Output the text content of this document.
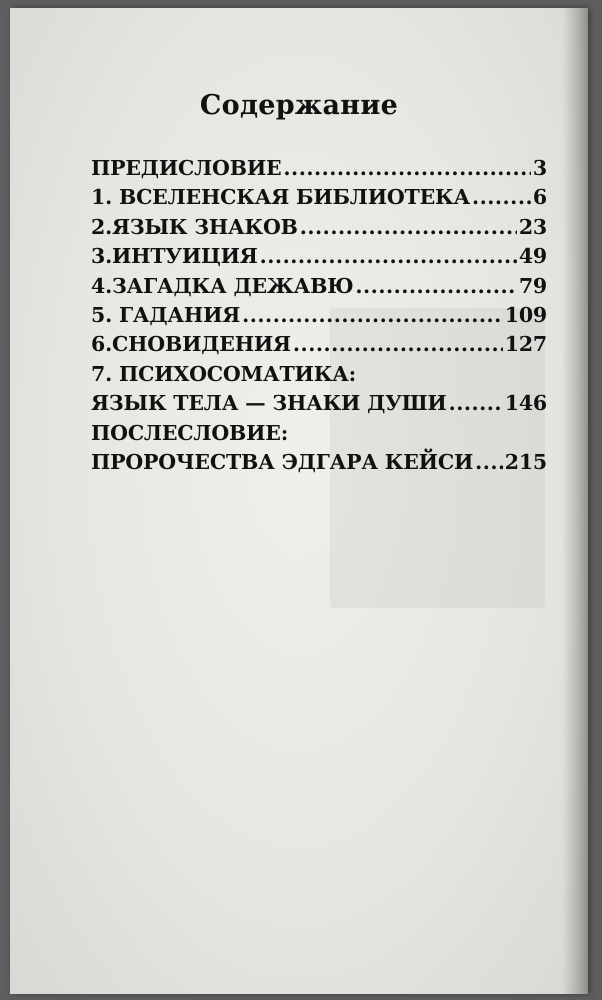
Содержание
ПРЕДИСЛОВИЕ .....	3
1. ВСЕЛЕНСКАЯ БИБЛИОТЕКА .....	6
2.ЯЗЫК ЗНАКОВ .....	23
3.ИНТУИЦИЯ .....	49
4.ЗАГАДКА ДЕЖАВЮ .....	79
5. ГАДАНИЯ .....	109
6.СНОВИДЕНИЯ .....	127
7. ПСИХОСОМАТИКА:
ЯЗЫК ТЕЛА — ЗНАКИ ДУШИ .....	146
ПОСЛЕСЛОВИЕ:
ПРОРОЧЕСТВА ЭДГАРА КЕЙСИ ..... 215
